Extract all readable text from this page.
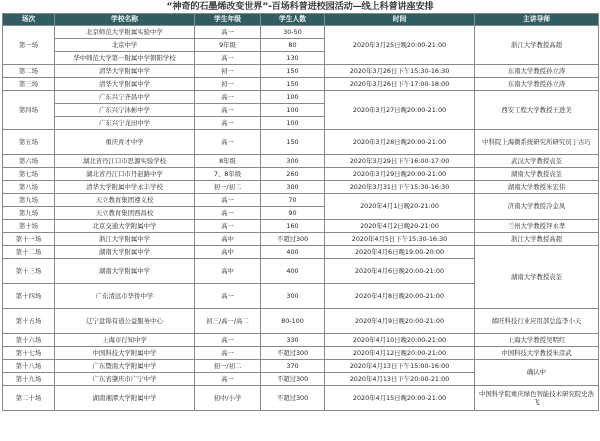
“神奇的石墨烯改变世界”-百场科普进校园活动—线上科普讲座安排
场次	学校名称	学生年级	学生人数	时间	主讲导师
第一场	北京师范大学附属实验中学	高一	30-50	2020年3月25日晚20:00-21:00	浙江大学教授高超
	北京中学	9年级	80		
	华中师范大学第一附属中学朝阳学校	高一	130		
第二场	清华大学附属中学	初一	150	2020年3月26日下午15:30-16:30	东南大学教授孙立涛
第三场	清华大学附属中学	初一	150	2020年3月26日下午17:00-18:00	东南大学教授孙立涛
第四场	广东兴宁齐昌中学	高一	100	2020年3月27日晚20:00-21:00	西安工程大学教授王进美
	广东兴宁沐彬中学	高一	100		
	广东兴宁龙田中学	高一	100		
第五场	重庆育才中学	高一	150	2020年3月28日晚20:00-21:00	中科院上海微系统研究所研究员丁古巧
第六场	湖北省丹江口市思源实验学校	8年级	300	2020年3月29日下午16:00-17:00	武汉大学教授袁荃
第七场	湖北省丹江口市丹赵路中学	7、8年级	260	2020年3月29日晚20:00-21:00	湖南大学教授袁荃
第八场	清华大学附属中学永丰学校	初一/初二	300	2020年3月31日下午15:30-16:30	湖南大学教授朱宏伟
第九场	天立教育集团遵义校	高一	70	2020年4月1日晚20-21:00	济南大学教授冷金凤
第九场	天立教育集团西昌校	高一	90		
第十场	北京交通大学附属中学	高一	160	2020年4月2日晚20-21:00	兰州大学教授拜永孝
第十一场	浙江大学附属中学	高中	不超过300	2020年4月5日下午15:30-16:30	浙江大学教授高超
第十二场	湖南大学附属中学	高中	400	2020年4月6日晚19:00-20:00	湖南大学教授袁荃
第十三场	湖南大学附属中学	高中	400	2020年4月6日晚20:00-21:00	
第十四场	广东清远市华侨中学	高一	300	2020年4月8日晚20:00-21:00	
第十五场	辽宁盘锦有道公益服务中心	初三/高一/高二	80-100	2020年4月9日晚20:00-21:00	烯旺科技行业应用部总监李小天
第十六场	上海市行知中学	高一	330	2020年4月10日晚20:00-21:00	上海大学教授吴明红
第十七场	中国科技大学附属中学	高一	不超过300	2020年4月12日晚20:00-21:00	中国科技大学教授朱彦武
第十八场	广东暨南大学附属中学	初一/初二	370	2020年4月13日下午15:00-16:00	确认中
第十九场	广东省肇庆市广宁中学	高一	不超过300	2020年4月13日下午20:00-21:00	
第二十场	湖南湘潭大学附属中学	初中/小学	不超过300	2020年4月15日晚20:00-21:00	中国科学院重庆绿色智能技术研究院史浩飞
